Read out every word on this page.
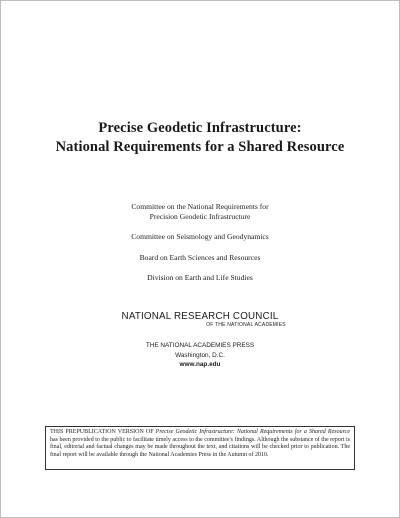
Precise Geodetic Infrastructure:
National Requirements for a Shared Resource
Committee on the National Requirements for Precision Geodetic Infrastructure
Committee on Seismology and Geodynamics
Board on Earth Sciences and Resources
Division on Earth and Life Studies
NATIONAL RESEARCH COUNCIL
OF THE NATIONAL ACADEMIES
THE NATIONAL ACADEMIES PRESS
Washington, D.C.
www.nap.edu
THIS PREPUBLICATION VERSION OF Precise Geodetic Infrastructure: National Requirements for a Shared Resource has been provided to the public to facilitate timely access to the committee's findings. Although the substance of the report is final, editorial and factual changes may be made throughout the text, and citations will be checked prior to publication. The final report will be available through the National Academies Press in the Autumn of 2010.
